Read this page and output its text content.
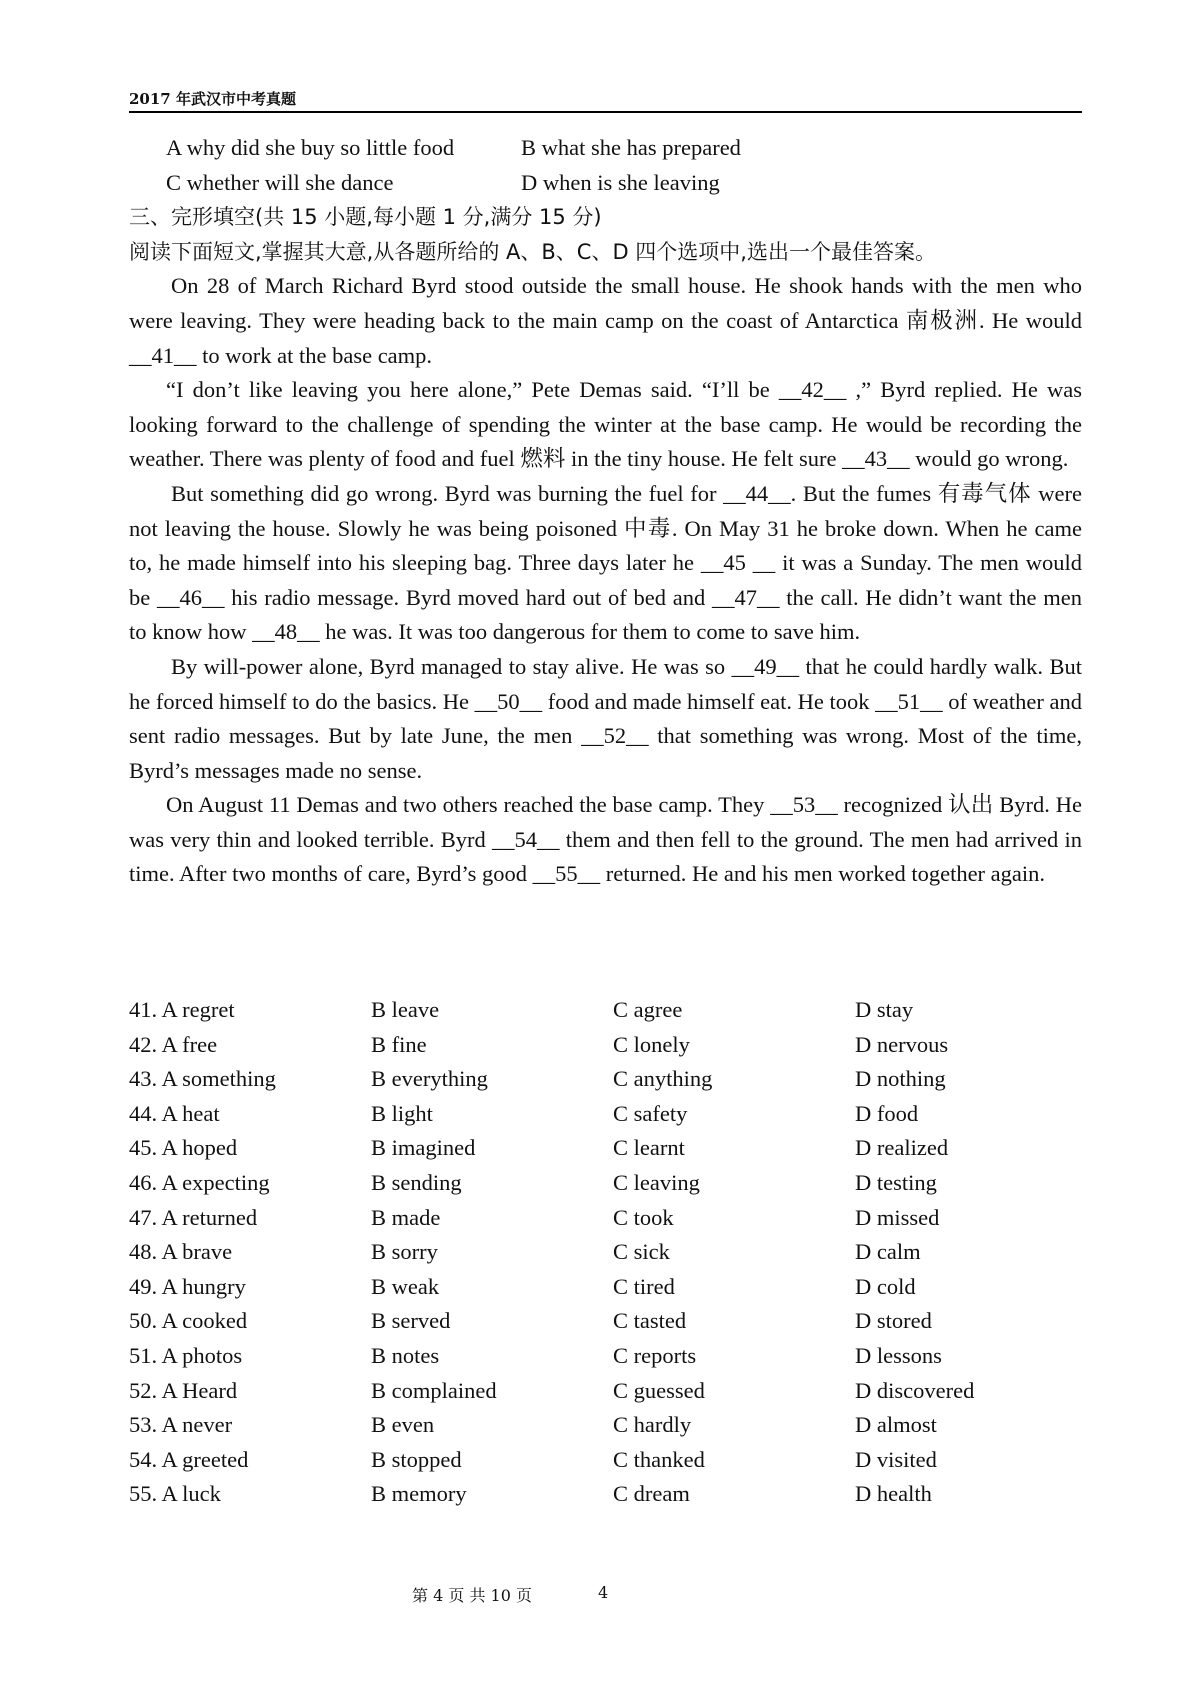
2017 年武汉市中考真题
A why did she buy so little food	B what she has prepared
C whether will she dance	D when is she leaving
三、完形填空(共 15 小题,每小题 1 分,满分 15 分)
阅读下面短文,掌握其大意,从各题所给的 A、B、C、D 四个选项中,选出一个最佳答案。

On 28 of March Richard Byrd stood outside the small house. He shook hands with the men who were leaving. They were heading back to the main camp on the coast of Antarctica 南极洲. He would __41__ to work at the base camp.

“I don’t like leaving you here alone,” Pete Demas said. “I’ll be __42__ ,” Byrd replied. He was looking forward to the challenge of spending the winter at the base camp. He would be recording the weather. There was plenty of food and fuel 燃料 in the tiny house. He felt sure __43__ would go wrong.

But something did go wrong. Byrd was burning the fuel for __44__. But the fumes 有毒气体 were not leaving the house. Slowly he was being poisoned 中毒. On May 31 he broke down. When he came to, he made himself into his sleeping bag. Three days later he __45 __ it was a Sunday. The men would be __46__ his radio message. Byrd moved hard out of bed and __47__ the call. He didn’t want the men to know how __48__ he was. It was too dangerous for them to come to save him.

By will-power alone, Byrd managed to stay alive. He was so __49__ that he could hardly walk. But he forced himself to do the basics. He __50__ food and made himself eat. He took __51__ of weather and sent radio messages. But by late June, the men __52__ that something was wrong. Most of the time, Byrd’s messages made no sense.

On August 11 Demas and two others reached the base camp. They __53__ recognized 认出 Byrd. He was very thin and looked terrible. Byrd __54__ them and then fell to the ground. The men had arrived in time. After two months of care, Byrd’s good __55__ returned. He and his men worked together again.

41. A regret	B leave	C agree	D stay
42. A free	B fine	C lonely	D nervous
43. A something	B everything	C anything	D nothing
44. A heat	B light	C safety	D food
45. A hoped	B imagined	C learnt	D realized
46. A expecting	B sending	C leaving	D testing
47. A returned	B made	C took	D missed
48. A brave	B sorry	C sick	D calm
49. A hungry	B weak	C tired	D cold
50. A cooked	B served	C tasted	D stored
51. A photos	B notes	C reports	D lessons
52. A Heard	B complained	C guessed	D discovered
53. A never	B even	C hardly	D almost
54. A greeted	B stopped	C thanked	D visited
55. A luck	B memory	C dream	D health
第 4 页 共 10 页	4
